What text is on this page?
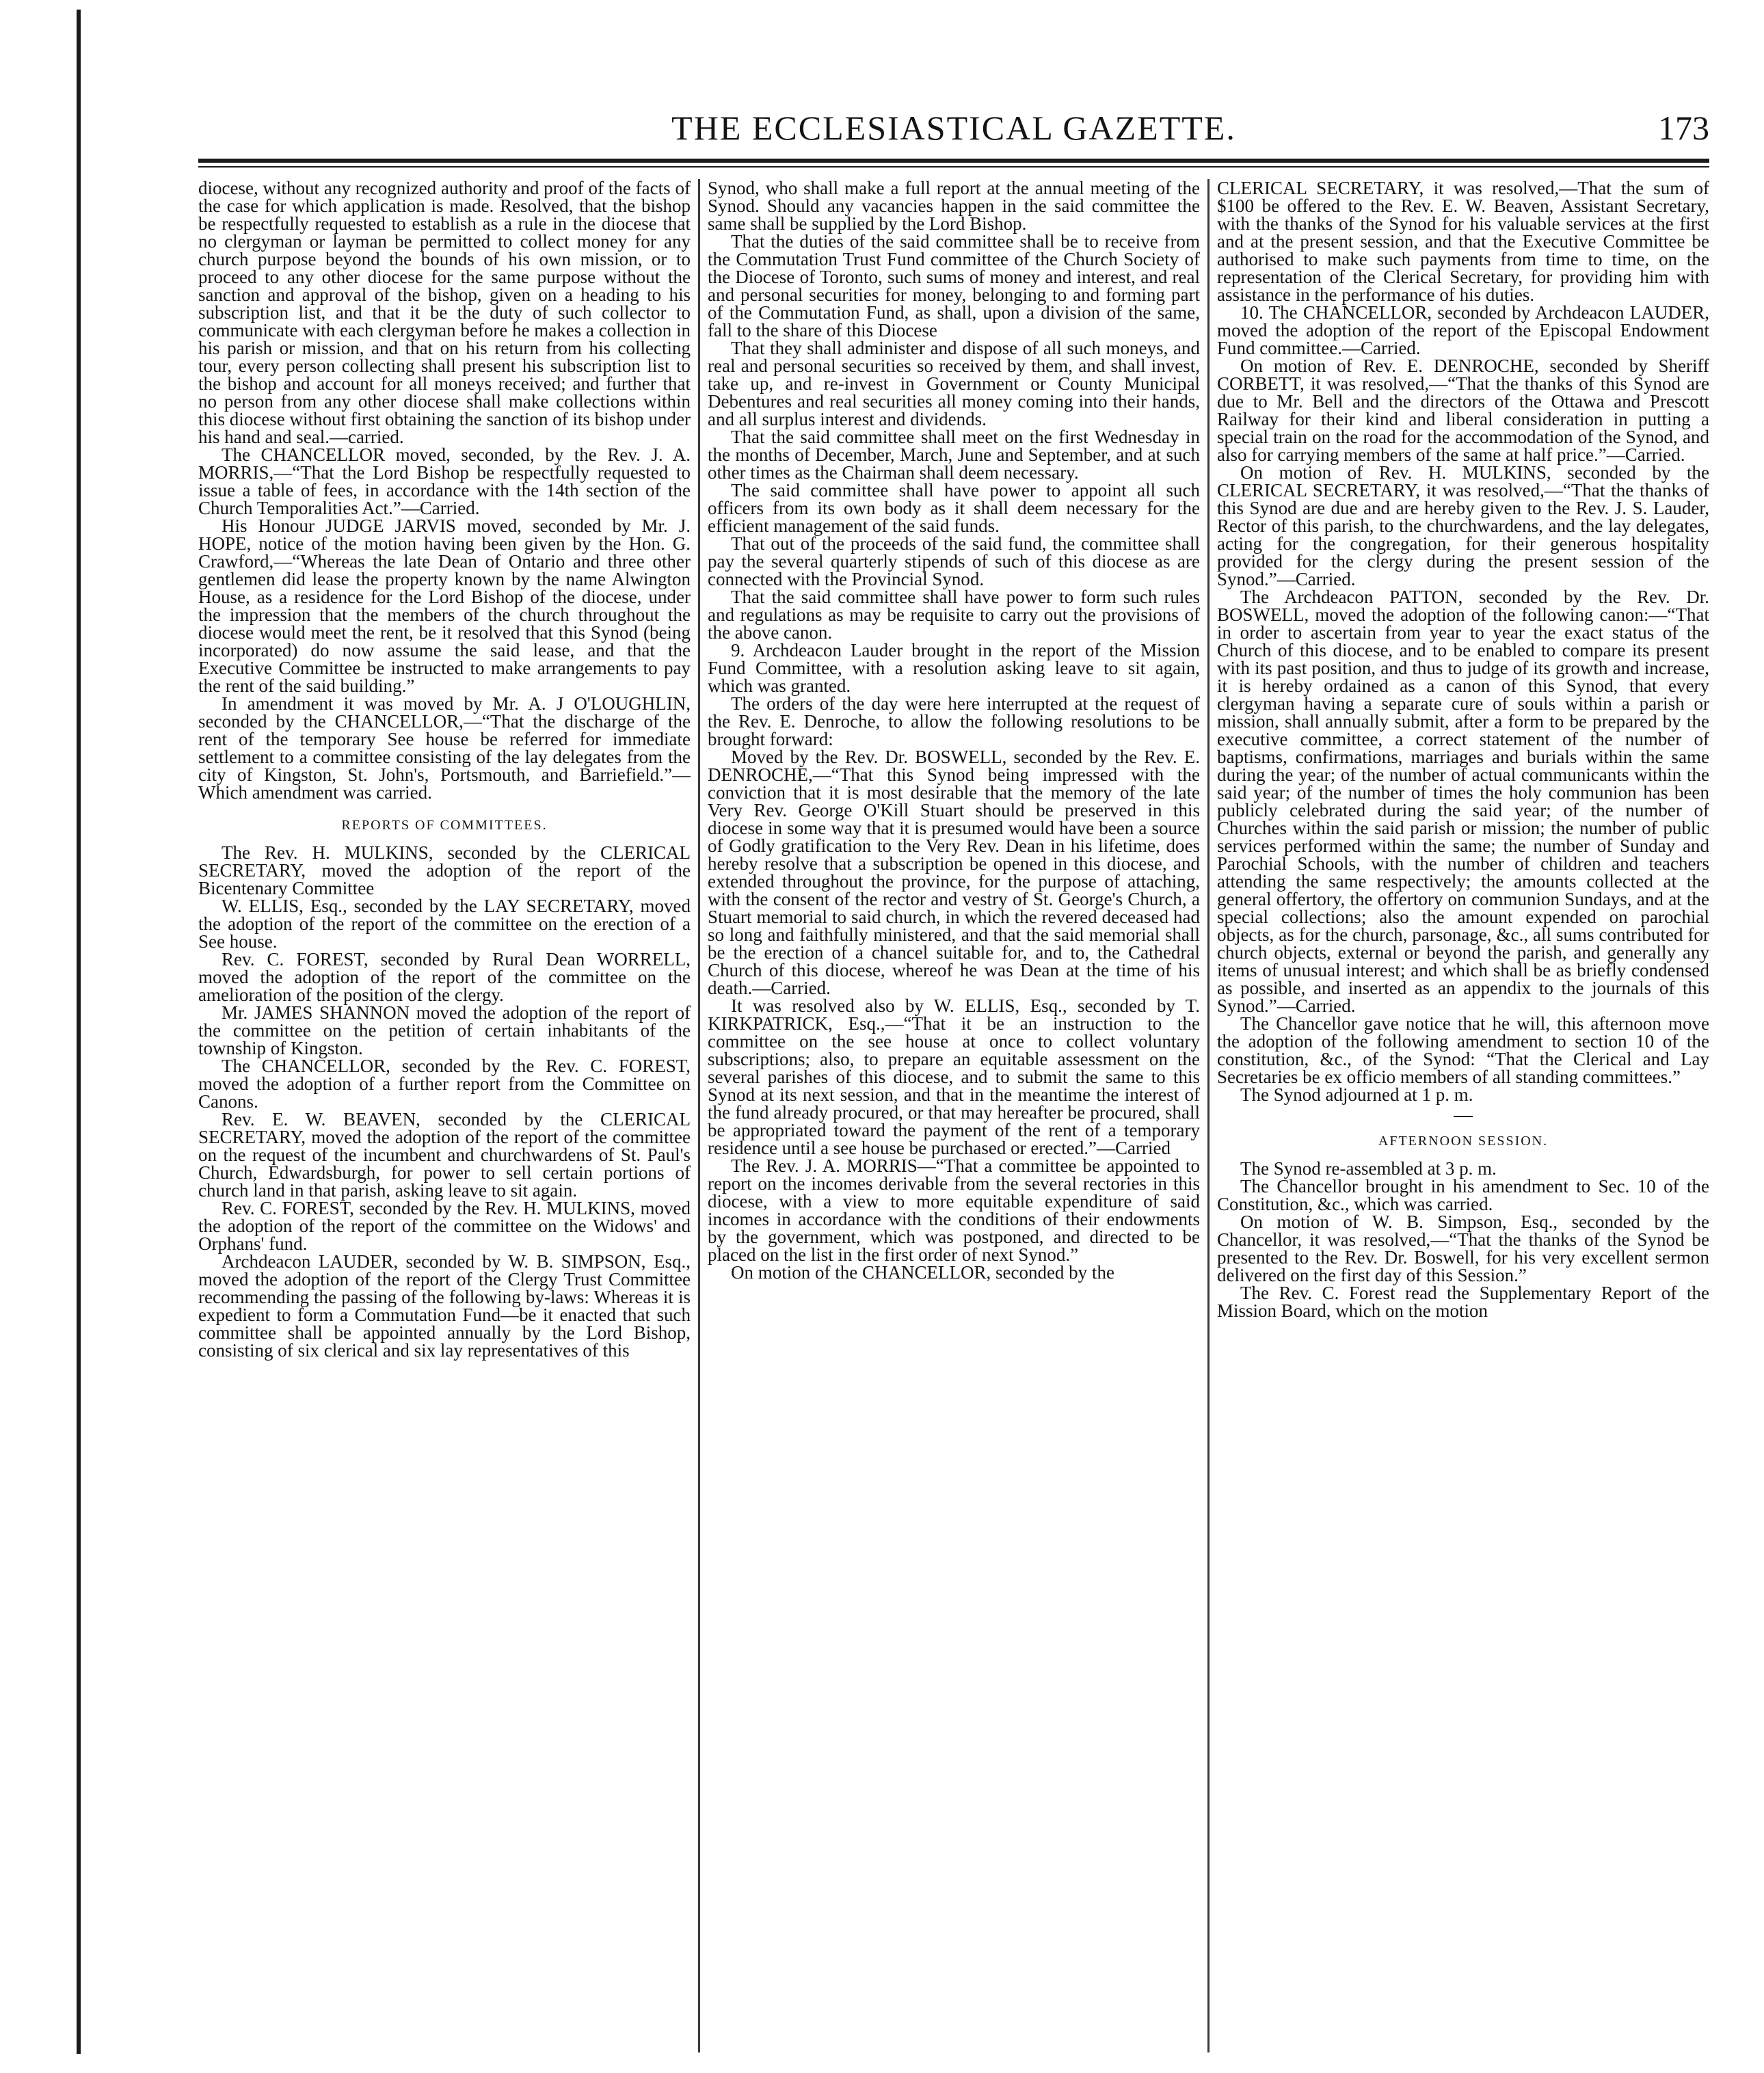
THE ECCLESIASTICAL GAZETTE.	173

diocese, without any recognized authority and proof of the facts of the case for which application is made. Resolved, that the bishop be respectfully requested to establish as a rule in the diocese that no clergyman or layman be permitted to collect money for any church purpose beyond the bounds of his own mission, or to proceed to any other diocese for the same purpose without the sanction and approval of the bishop, given on a heading to his subscription list, and that it be the duty of such collector to communicate with each clergyman before he makes a collection in his parish or mission, and that on his return from his collecting tour, every person collecting shall present his subscription list to the bishop and account for all moneys received; and further that no person from any other diocese shall make collections within this diocese without first obtaining the sanction of its bishop under his hand and seal.—carried.

The CHANCELLOR moved, seconded, by the Rev. J. A. MORRIS,—“That the Lord Bishop be respectfully requested to issue a table of fees, in accordance with the 14th section of the Church Temporalities Act.”—Carried.

His Honour JUDGE JARVIS moved, seconded by Mr. J. HOPE, notice of the motion having been given by the Hon. G. Crawford,—“Whereas the late Dean of Ontario and three other gentlemen did lease the property known by the name Alwington House, as a residence for the Lord Bishop of the diocese, under the impression that the members of the church throughout the diocese would meet the rent, be it resolved that this Synod (being incorporated) do now assume the said lease, and that the Executive Committee be instructed to make arrangements to pay the rent of the said building.”

In amendment it was moved by Mr. A. J O'LOUGHLIN, seconded by the CHANCELLOR,—“That the discharge of the rent of the temporary See house be referred for immediate settlement to a committee consisting of the lay delegates from the city of Kingston, St. John's, Portsmouth, and Barriefield.”—Which amendment was carried.

REPORTS OF COMMITTEES.

The Rev. H. MULKINS, seconded by the CLERICAL SECRETARY, moved the adoption of the report of the Bicentenary Committee

W. ELLIS, Esq., seconded by the LAY SECRETARY, moved the adoption of the report of the committee on the erection of a See house.

Rev. C. FOREST, seconded by Rural Dean WORRELL, moved the adoption of the report of the committee on the amelioration of the position of the clergy.

Mr. JAMES SHANNON moved the adoption of the report of the committee on the petition of certain inhabitants of the township of Kingston.

The CHANCELLOR, seconded by the Rev. C. FOREST, moved the adoption of a further report from the Committee on Canons.

Rev. E. W. BEAVEN, seconded by the CLERICAL SECRETARY, moved the adoption of the report of the committee on the request of the incumbent and churchwardens of St. Paul's Church, Edwardsburgh, for power to sell certain portions of church land in that parish, asking leave to sit again.

Rev. C. FOREST, seconded by the Rev. H. MULKINS, moved the adoption of the report of the committee on the Widows' and Orphans' fund.

Archdeacon LAUDER, seconded by W. B. SIMPSON, Esq., moved the adoption of the report of the Clergy Trust Committee recommending the passing of the following by-laws: Whereas it is expedient to form a Commutation Fund—be it enacted that such committee shall be appointed annually by the Lord Bishop, consisting of six clerical and six lay representatives of this

Synod, who shall make a full report at the annual meeting of the Synod. Should any vacancies happen in the said committee the same shall be supplied by the Lord Bishop.

That the duties of the said committee shall be to receive from the Commutation Trust Fund committee of the Church Society of the Diocese of Toronto, such sums of money and interest, and real and personal securities for money, belonging to and forming part of the Commutation Fund, as shall, upon a division of the same, fall to the share of this Diocese

That they shall administer and dispose of all such moneys, and real and personal securities so received by them, and shall invest, take up, and re-invest in Government or County Municipal Debentures and real securities all money coming into their hands, and all surplus interest and dividends.

That the said committee shall meet on the first Wednesday in the months of December, March, June and September, and at such other times as the Chairman shall deem necessary.

The said committee shall have power to appoint all such officers from its own body as it shall deem necessary for the efficient management of the said funds.

That out of the proceeds of the said fund, the committee shall pay the several quarterly stipends of such of this diocese as are connected with the Provincial Synod.

That the said committee shall have power to form such rules and regulations as may be requisite to carry out the provisions of the above canon.

9. Archdeacon Lauder brought in the report of the Mission Fund Committee, with a resolution asking leave to sit again, which was granted.

The orders of the day were here interrupted at the request of the Rev. E. Denroche, to allow the following resolutions to be brought forward:

Moved by the Rev. Dr. BOSWELL, seconded by the Rev. E. DENROCHE,—“That this Synod being impressed with the conviction that it is most desirable that the memory of the late Very Rev. George O'Kill Stuart should be preserved in this diocese in some way that it is presumed would have been a source of Godly gratification to the Very Rev. Dean in his lifetime, does hereby resolve that a subscription be opened in this diocese, and extended throughout the province, for the purpose of attaching, with the consent of the rector and vestry of St. George's Church, a Stuart memorial to said church, in which the revered deceased had so long and faithfully ministered, and that the said memorial shall be the erection of a chancel suitable for, and to, the Cathedral Church of this diocese, whereof he was Dean at the time of his death.—Carried.

It was resolved also by W. ELLIS, Esq., seconded by T. KIRKPATRICK, Esq.,—“That it be an instruction to the committee on the see house at once to collect voluntary subscriptions; also, to prepare an equitable assessment on the several parishes of this diocese, and to submit the same to this Synod at its next session, and that in the meantime the interest of the fund already procured, or that may hereafter be procured, shall be appropriated toward the payment of the rent of a temporary residence until a see house be purchased or erected.”—Carried

The Rev. J. A. MORRIS—“That a committee be appointed to report on the incomes derivable from the several rectories in this diocese, with a view to more equitable expenditure of said incomes in accordance with the conditions of their endowments by the government, which was postponed, and directed to be placed on the list in the first order of next Synod.”

On motion of the CHANCELLOR, seconded by the

CLERICAL SECRETARY, it was resolved,—That the sum of $100 be offered to the Rev. E. W. Beaven, Assistant Secretary, with the thanks of the Synod for his valuable services at the first and at the present session, and that the Executive Committee be authorised to make such payments from time to time, on the representation of the Clerical Secretary, for providing him with assistance in the performance of his duties.

10. The CHANCELLOR, seconded by Archdeacon LAUDER, moved the adoption of the report of the Episcopal Endowment Fund committee.—Carried.

On motion of Rev. E. DENROCHE, seconded by Sheriff CORBETT, it was resolved,—“That the thanks of this Synod are due to Mr. Bell and the directors of the Ottawa and Prescott Railway for their kind and liberal consideration in putting a special train on the road for the accommodation of the Synod, and also for carrying members of the same at half price.”—Carried.

On motion of Rev. H. MULKINS, seconded by the CLERICAL SECRETARY, it was resolved,—“That the thanks of this Synod are due and are hereby given to the Rev. J. S. Lauder, Rector of this parish, to the churchwardens, and the lay delegates, acting for the congregation, for their generous hospitality provided for the clergy during the present session of the Synod.”—Carried.

The Archdeacon PATTON, seconded by the Rev. Dr. BOSWELL, moved the adoption of the following canon:—“That in order to ascertain from year to year the exact status of the Church of this diocese, and to be enabled to compare its present with its past position, and thus to judge of its growth and increase, it is hereby ordained as a canon of this Synod, that every clergyman having a separate cure of souls within a parish or mission, shall annually submit, after a form to be prepared by the executive committee, a correct statement of the number of baptisms, confirmations, marriages and burials within the same during the year; of the number of actual communicants within the said year; of the number of times the holy communion has been publicly celebrated during the said year; of the number of Churches within the said parish or mission; the number of public services performed within the same; the number of Sunday and Parochial Schools, with the number of children and teachers attending the same respectively; the amounts collected at the general offertory, the offertory on communion Sundays, and at the special collections; also the amount expended on parochial objects, as for the church, parsonage, &c., all sums contributed for church objects, external or beyond the parish, and generally any items of unusual interest; and which shall be as briefly condensed as possible, and inserted as an appendix to the journals of this Synod.”—Carried.

The Chancellor gave notice that he will, this afternoon move the adoption of the following amendment to section 10 of the constitution, &c., of the Synod: “That the Clerical and Lay Secretaries be ex officio members of all standing committees.”

The Synod adjourned at 1 p. m.

AFTERNOON SESSION.

The Synod re-assembled at 3 p. m.

The Chancellor brought in his amendment to Sec. 10 of the Constitution, &c., which was carried.

On motion of W. B. Simpson, Esq., seconded by the Chancellor, it was resolved,—“That the thanks of the Synod be presented to the Rev. Dr. Boswell, for his very excellent sermon delivered on the first day of this Session.”

The Rev. C. Forest read the Supplementary Report of the Mission Board, which on the motion
